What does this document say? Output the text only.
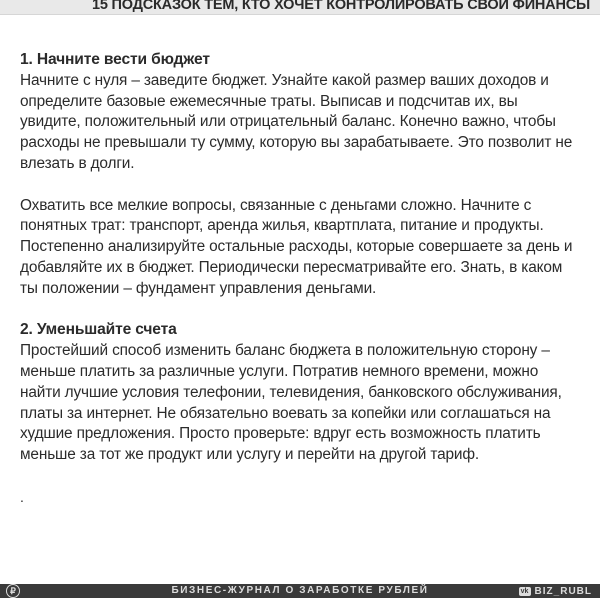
15 ПОДСКАЗОК ТЕМ, КТО ХОЧЕТ КОНТРОЛИРОВАТЬ СВОИ ФИНАНСЫ
1. Начните вести бюджет

Начните с нуля – заведите бюджет. Узнайте какой размер ваших доходов и определите базовые ежемесячные траты. Выписав и подсчитав их, вы увидите, положительный или отрицательный баланс. Конечно важно, чтобы расходы не превышали ту сумму, которую вы зарабатываете. Это позволит не влезать в долги.

Охватить все мелкие вопросы, связанные с деньгами сложно. Начните с понятных трат: транспорт, аренда жилья, квартплата, питание и продукты. Постепенно анализируйте остальные расходы, которые совершаете за день и добавляйте их в бюджет. Периодически пересматривайте его. Знать, в каком ты положении – фундамент управления деньгами.

2. Уменьшайте счета

Простейший способ изменить баланс бюджета в положительную сторону – меньше платить за различные услуги. Потратив немного времени, можно найти лучшие условия телефонии, телевидения, банковского обслуживания, платы за интернет. Не обязательно воевать за копейки или соглашаться на худшие предложения. Просто проверьте: вдруг есть возможность платить меньше за тот же продукт или услугу и перейти на другой тариф.

.
₽	БИЗНЕС-ЖУРНАЛ О ЗАРАБОТКЕ РУБЛЕЙ	vk BIZ_RUBL
